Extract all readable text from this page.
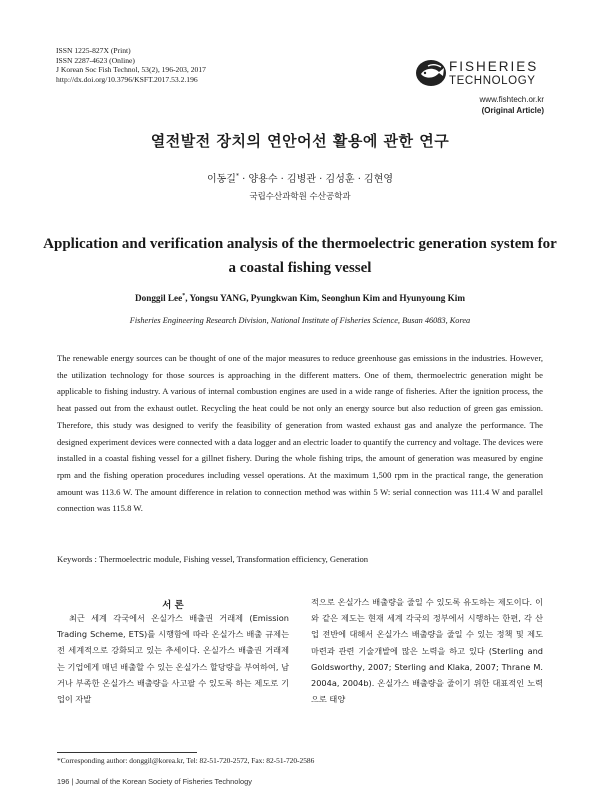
ISSN 1225-827X (Print)
ISSN 2287-4623 (Online)
J Korean Soc Fish Technol, 53(2), 196-203, 2017
http://dx.doi.org/10.3796/KSFT.2017.53.2.196
FISHERIES
TECHNOLOGY
www.fishtech.or.kr
(Original Article)
열전발전 장치의 연안어선 활용에 관한 연구
이동길* · 양용수 · 김병관 · 김성훈 · 김현영
국립수산과학원 수산공학과
Application and verification analysis of the thermoelectric generation system for a coastal fishing vessel
Donggil Lee*, Yongsu YANG, Pyungkwan Kim, Seonghun Kim and Hyunyoung Kim
Fisheries Engineering Research Division, National Institute of Fisheries Science, Busan 46083, Korea
The renewable energy sources can be thought of one of the major measures to reduce greenhouse gas emissions in the industries. However, the utilization technology for those sources is approaching in the different matters. One of them, thermoelectric generation might be applicable to fishing industry. A various of internal combustion engines are used in a wide range of fisheries. After the ignition process, the heat passed out from the exhaust outlet. Recycling the heat could be not only an energy source but also reduction of green gas emission. Therefore, this study was designed to verify the feasibility of generation from wasted exhaust gas and analyze the performance. The designed experiment devices were connected with a data logger and an electric loader to quantify the currency and voltage. The devices were installed in a coastal fishing vessel for a gillnet fishery. During the whole fishing trips, the amount of generation was measured by engine rpm and the fishing operation procedures including vessel operations. At the maximum 1,500 rpm in the practical range, the generation amount was 113.6 W. The amount difference in relation to connection method was within 5 W: serial connection was 111.4 W and parallel connection was 115.8 W.
Keywords : Thermoelectric module, Fishing vessel, Transformation efficiency, Generation
서 론
최근 세계 각국에서 온실가스 배출권 거래제 (Emission Trading Scheme, ETS)를 시행함에 따라 온실가스 배출 규제는 전 세계적으로 강화되고 있는 추세이다. 온실가스 배출권 거래제는 기업에게 매년 배출할 수 있는 온실가스 할당량을 부여하여, 남거나 부족한 온실가스 배출량을 사고팔 수 있도록 하는 제도로 기업이 자발
적으로 온실가스 배출량을 줄일 수 있도록 유도하는 제도이다. 이와 같은 제도는 현재 세계 각국의 정부에서 시행하는 한편, 각 산업 전반에 대해서 온실가스 배출량을 줄일 수 있는 정책 및 제도 마련과 관련 기술개발에 많은 노력을 하고 있다 (Sterling and Goldsworthy, 2007; Sterling and Klaka, 2007; Thrane M. 2004a, 2004b). 온실가스 배출량을 줄이기 위한 대표적인 노력으로 태양
*Corresponding author: donggil@korea.kr, Tel: 82-51-720-2572, Fax: 82-51-720-2586
196 | Journal of the Korean Society of Fisheries Technology
